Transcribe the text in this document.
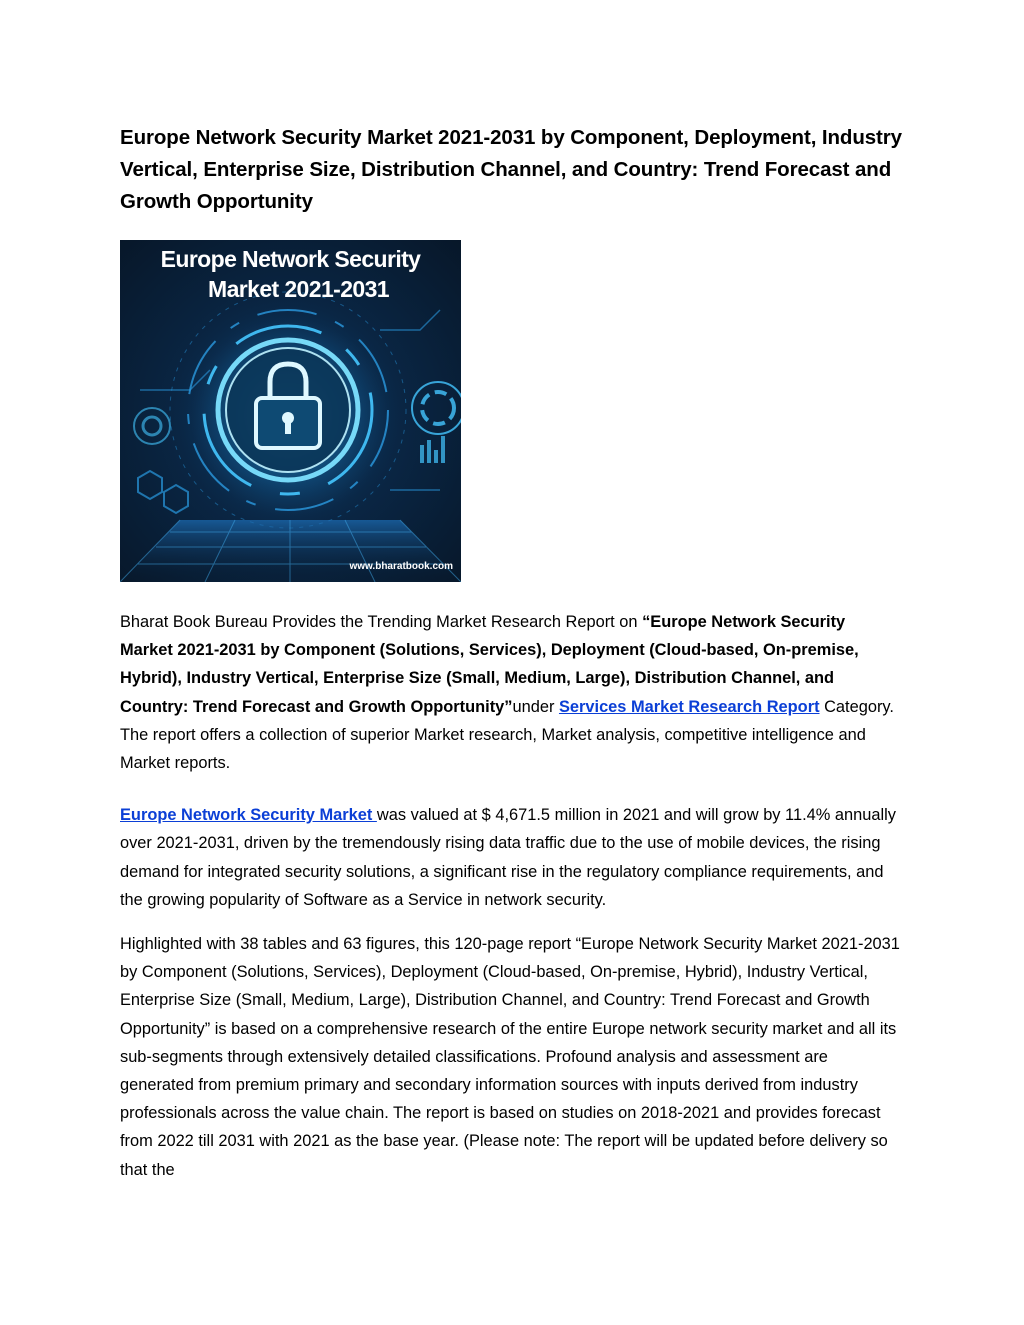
Europe Network Security Market 2021-2031 by Component, Deployment, Industry Vertical, Enterprise Size, Distribution Channel, and Country: Trend Forecast and Growth Opportunity
Europe Network Security
Market 2021-2031
www.bharatbook.com

Bharat Book Bureau Provides the Trending Market Research Report on “Europe Network Security Market 2021-2031 by Component (Solutions, Services), Deployment (Cloud-based, On-premise, Hybrid), Industry Vertical, Enterprise Size (Small, Medium, Large), Distribution Channel, and Country: Trend Forecast and Growth Opportunity”under Services Market Research Report Category. The report offers a collection of superior Market research, Market analysis, competitive intelligence and Market reports.

Europe Network Security Market was valued at $ 4,671.5 million in 2021 and will grow by 11.4% annually over 2021-2031, driven by the tremendously rising data traffic due to the use of mobile devices, the rising demand for integrated security solutions, a significant rise in the regulatory compliance requirements, and the growing popularity of Software as a Service in network security.

Highlighted with 38 tables and 63 figures, this 120-page report “Europe Network Security Market 2021-2031 by Component (Solutions, Services), Deployment (Cloud-based, On-premise, Hybrid), Industry Vertical, Enterprise Size (Small, Medium, Large), Distribution Channel, and Country: Trend Forecast and Growth Opportunity” is based on a comprehensive research of the entire Europe network security market and all its sub-segments through extensively detailed classifications. Profound analysis and assessment are generated from premium primary and secondary information sources with inputs derived from industry professionals across the value chain. The report is based on studies on 2018-2021 and provides forecast from 2022 till 2031 with 2021 as the base year. (Please note: The report will be updated before delivery so that the
